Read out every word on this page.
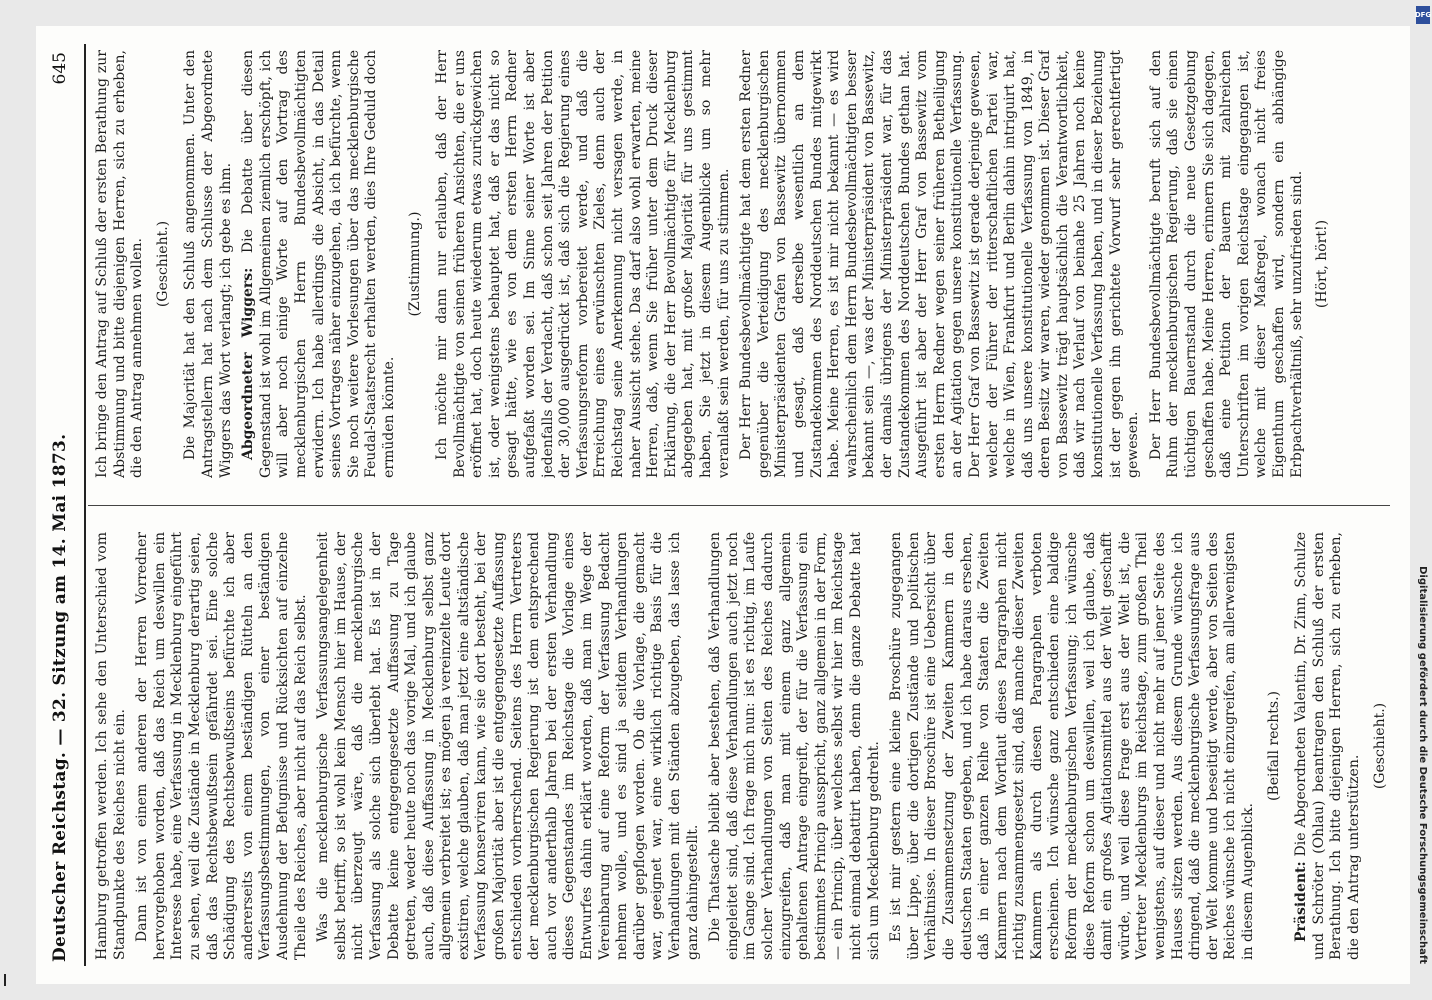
Deutscher Reichstag. — 32. Sitzung am 14. Mai 1873.
645

Hamburg getroffen werden. Ich sehe den Unterschied vom Standpunkte des Reiches nicht ein. Dann ist von einem anderen der Herren Vorredner hervorgehoben worden, daß das Reich um deswillen ein Interesse habe, eine Verfassung in Mecklenburg eingeführt zu sehen, weil die Zustände in Mecklenburg derartig seien, daß das Rechtsbewußtsein gefährdet sei. Eine solche Schädigung des Rechtsbewußtseins befürchte ich aber andererseits von einem beständigen Rütteln an den Verfassungsbestimmungen, von einer beständigen Ausdehnung der Befugnisse und Rücksichten auf einzelne Theile des Reiches, aber nicht auf das Reich selbst. Was die mecklenburgische Verfassungsangelegenheit selbst betrifft, so ist wohl kein Mensch hier im Hause, der nicht überzeugt wäre, daß die mecklenburgische Verfassung als solche sich überlebt hat. Es ist in der Debatte keine entgegengesetzte Auffassung zu Tage getreten, weder heute noch das vorige Mal, und ich glaube auch, daß diese Auffassung in Mecklenburg selbst ganz allgemein verbreitet ist; es mögen ja vereinzelte Leute dort existiren, welche glauben, daß man jetzt eine altständische Verfassung konserviren kann, wie sie dort besteht, bei der großen Majorität aber ist die entgegengesetzte Auffassung entschieden vorherrschend. Seitens des Herrn Vertreters der mecklenburgischen Regierung ist dem entsprechend auch vor anderthalb Jahren bei der ersten Verhandlung dieses Gegenstandes im Reichstage die Vorlage eines Entwurfes dahin erklärt worden, daß man im Wege der Vereinbarung auf eine Reform der Verfassung Bedacht nehmen wolle, und es sind ja seitdem Verhandlungen darüber gepflogen worden. Ob die Vorlage, die gemacht war, geeignet war, eine wirklich richtige Basis für die Verhandlungen mit den Ständen abzugeben, das lasse ich ganz dahingestellt. Die Thatsache bleibt aber bestehen, daß Verhandlungen eingeleitet sind, daß diese Verhandlungen auch jetzt noch im Gange sind. Ich frage mich nun: ist es richtig, im Laufe solcher Verhandlungen von Seiten des Reiches dadurch einzugreifen, daß man mit einem ganz allgemein gehaltenen Antrage eingreift, der für die Verfassung ein bestimmtes Princip ausspricht, ganz allgemein in der Form, — ein Princip, über welches selbst wir hier im Reichstage nicht einmal debattirt haben, denn die ganze Debatte hat sich um Mecklenburg gedreht. Es ist mir gestern eine kleine Broschüre zugegangen über Lippe, über die dortigen Zustände und politischen Verhältnisse. In dieser Broschüre ist eine Uebersicht über die Zusammensetzung der Zweiten Kammern in den deutschen Staaten gegeben, und ich habe daraus ersehen, daß in einer ganzen Reihe von Staaten die Zweiten Kammern nach dem Wortlaut dieses Paragraphen nicht richtig zusammengesetzt sind, daß manche dieser Zweiten Kammern als durch diesen Paragraphen verboten erscheinen. Ich wünsche ganz entschieden eine baldige Reform der mecklenburgischen Verfassung; ich wünsche diese Reform schon um deswillen, weil ich glaube, daß damit ein großes Agitationsmittel aus der Welt geschafft würde, und weil diese Frage erst aus der Welt ist, die Vertreter Mecklenburgs im Reichstage, zum großen Theil wenigstens, auf dieser und nicht mehr auf jener Seite des Hauses sitzen werden. Aus diesem Grunde wünsche ich dringend, daß die mecklenburgische Verfassungsfrage aus der Welt komme und beseitigt werde, aber von Seiten des Reiches wünsche ich nicht einzugreifen, am allerwenigsten in diesem Augenblick.

(Beifall rechts.)

Präsident: Die Abgeordneten Valentin, Dr. Zinn, Schulze und Schröter (Ohlau) beantragen den Schluß der ersten Berathung. Ich bitte diejenigen Herren, sich zu erheben, die den Antrag unterstützen.

(Geschieht.)

Ich bringe den Antrag auf Schluß der ersten Berathung zur Abstimmung und bitte diejenigen Herren, sich zu erheben, die den Antrag annehmen wollen. (Geschieht.) Die Majorität hat den Schluß angenommen. Unter den Antragstellern hat nach dem Schlusse der Abgeordnete Wiggers das Wort verlangt; ich gebe es ihm. Abgeordneter Wiggers: Die Debatte über diesen Gegenstand ist wohl im Allgemeinen ziemlich erschöpft, ich will aber noch einige Worte auf den Vortrag des mecklenburgischen Herrn Bundesbevollmächtigten erwidern. Ich habe allerdings die Absicht, in das Detail seines Vortrages näher einzugehen, da ich befürchte, wenn Sie noch weitere Vorlesungen über das mecklenburgische Feudal-Staatsrecht erhalten werden, dies Ihre Geduld doch ermüden könnte.

(Zustimmung.) Ich möchte mir dann nur erlauben, daß der Herr Bevollmächtigte von seinen früheren Ansichten, die er uns eröffnet hat, doch heute wiederum etwas zurückgewichen ist, oder wenigstens behauptet hat, daß er das nicht so gesagt hätte, wie es von dem ersten Herrn Redner aufgefaßt worden sei. Im Sinne seiner Worte ist aber jedenfalls der Verdacht, daß schon seit Jahren der Petition der 30,000 ausgedrückt ist, daß sich die Regierung eines Verfassungsreform vorbereitet werde, und daß die Erreichung eines erwünschten Zieles, denn auch der Reichstag seine Anerkennung nicht versagen werde, in naher Aussicht stehe. Das darf also wohl erwarten, meine Herren, daß, wenn Sie früher unter dem Druck dieser Erklärung, die der Herr Bevollmächtigte für Mecklenburg abgegeben hat, mit großer Majorität für uns gestimmt haben, Sie jetzt in diesem Augenblicke um so mehr veranlaßt sein werden, für uns zu stimmen. Der Herr Bundesbevollmächtigte hat dem ersten Redner gegenüber die Verteidigung des mecklenburgischen Ministerpräsidenten Grafen von Bassewitz übernommen und gesagt, daß derselbe wesentlich an dem Zustandekommen des Norddeutschen Bundes mitgewirkt habe. Meine Herren, es ist mir nicht bekannt — es wird wahrscheinlich dem Herrn Bundesbevollmächtigten besser bekannt sein —, was der Ministerpräsident von Bassewitz, der damals übrigens der Ministerpräsident war, für das Zustandekommen des Norddeutschen Bundes gethan hat. Ausgeführt ist aber der Herr Graf von Bassewitz vom ersten Herrn Redner wegen seiner früheren Betheiligung an der Agitation gegen unsere konstitutionelle Verfassung. Der Herr Graf von Bassewitz ist gerade derjenige gewesen, welcher der Führer der ritterschaftlichen Partei war, welche in Wien, Frankfurt und Berlin dahin intriguirt hat, daß uns unsere konstitutionelle Verfassung von 1849, in deren Besitz wir waren, wieder genommen ist. Dieser Graf von Bassewitz trägt hauptsächlich die Verantwortlichkeit, daß wir nach Verlauf von beinahe 25 Jahren noch keine konstitutionelle Verfassung haben, und in dieser Beziehung ist der gegen ihn gerichtete Vorwurf sehr gerechtfertigt gewesen. Der Herr Bundesbevollmächtigte beruft sich auf den Ruhm der mecklenburgischen Regierung, daß sie einen tüchtigen Bauernstand durch die neue Gesetzgebung geschaffen habe. Meine Herren, erinnern Sie sich dagegen, daß eine Petition der Bauern mit zahlreichen Unterschriften im vorigen Reichstage eingegangen ist, welche mit dieser Maßregel, wonach nicht freies Eigenthum geschaffen wird, sondern ein abhängige Erbpachtverhältniß, sehr unzufrieden sind. (Hört, hört!)

DFG
Digitalisierung gefördert durch die Deutsche Forschungsgemeinschaft
